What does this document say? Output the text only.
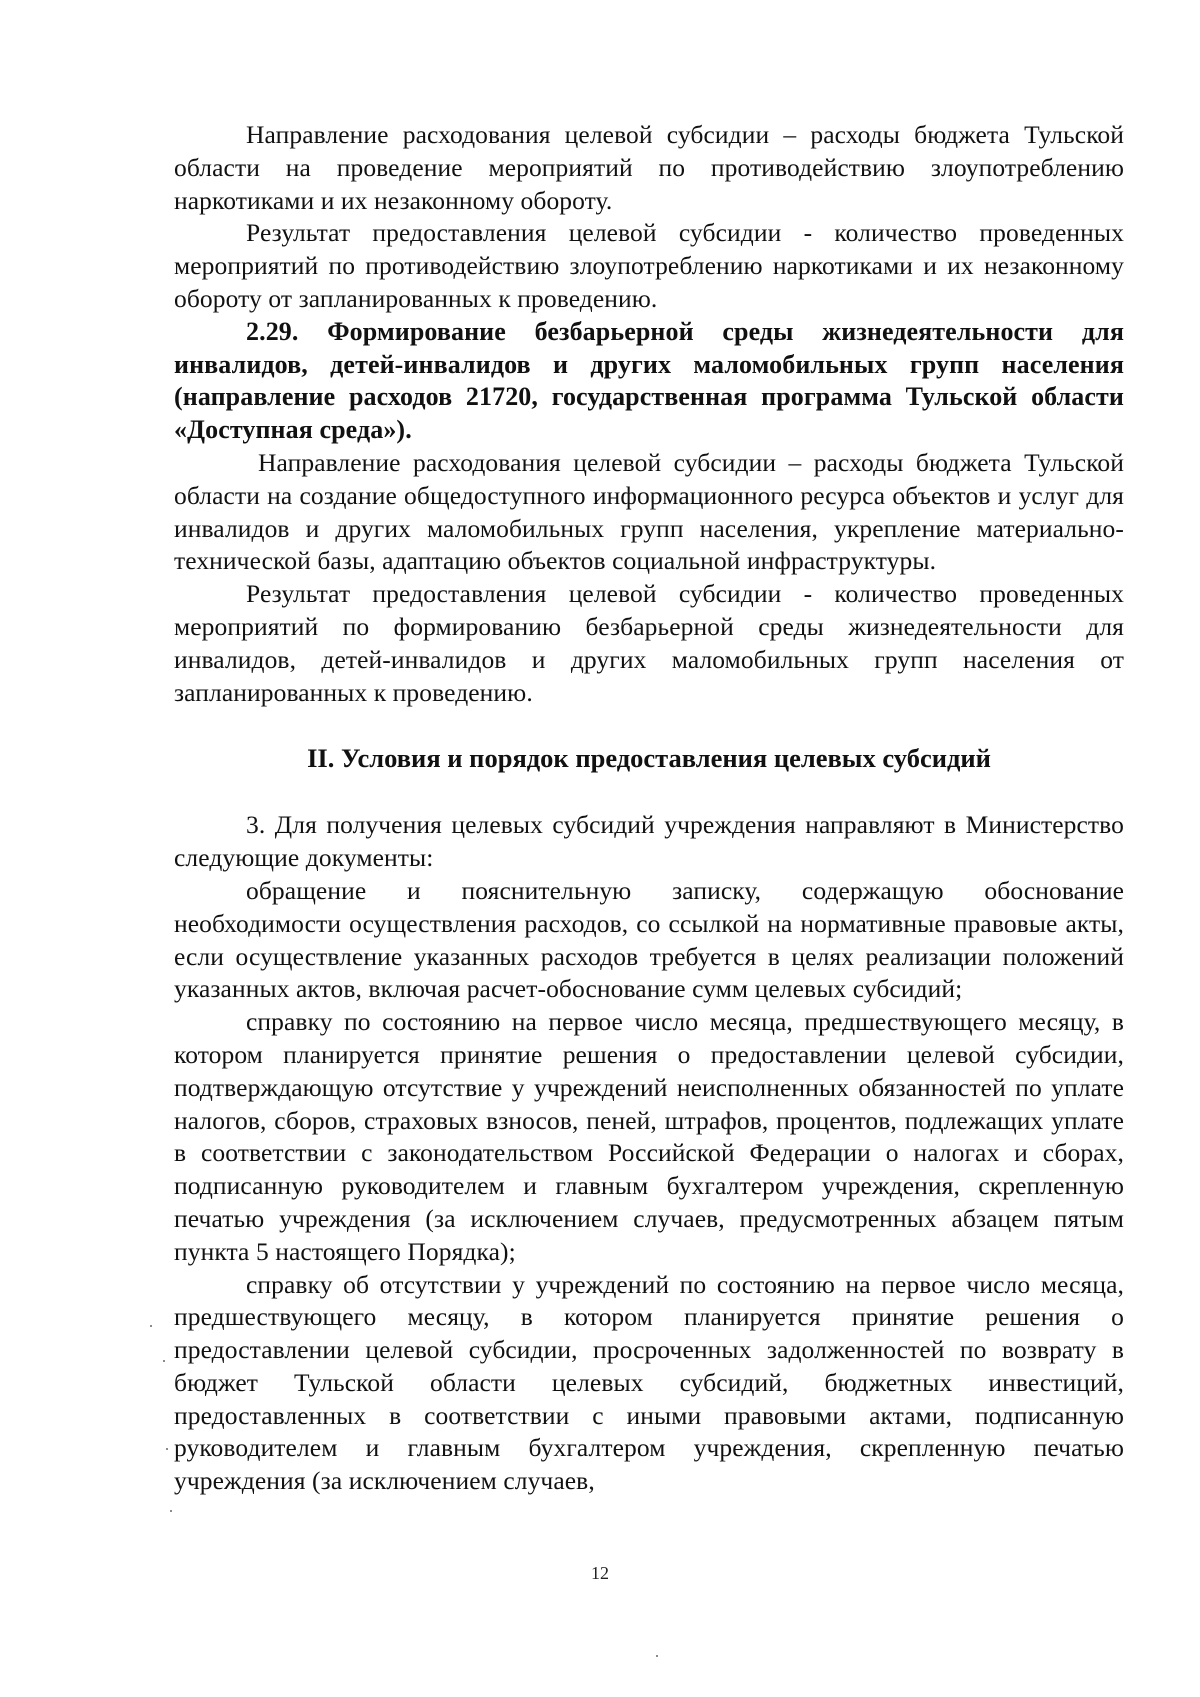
Направление расходования целевой субсидии – расходы бюджета Тульской области на проведение мероприятий по противодействию злоупотреблению наркотиками и их незаконному обороту.

Результат предоставления целевой субсидии - количество проведенных мероприятий по противодействию злоупотреблению наркотиками и их незаконному обороту от запланированных к проведению.

2.29. Формирование безбарьерной среды жизнедеятельности для инвалидов, детей-инвалидов и других маломобильных групп населения (направление расходов 21720, государственная программа Тульской области «Доступная среда»).

Направление расходования целевой субсидии – расходы бюджета Тульской области на создание общедоступного информационного ресурса объектов и услуг для инвалидов и других маломобильных групп населения, укрепление материально-технической базы, адаптацию объектов социальной инфраструктуры.

Результат предоставления целевой субсидии - количество проведенных мероприятий по формированию безбарьерной среды жизнедеятельности для инвалидов, детей-инвалидов и других маломобильных групп населения от запланированных к проведению.

II. Условия и порядок предоставления целевых субсидий

3. Для получения целевых субсидий учреждения направляют в Министерство следующие документы:

обращение и пояснительную записку, содержащую обоснование необходимости осуществления расходов, со ссылкой на нормативные правовые акты, если осуществление указанных расходов требуется в целях реализации положений указанных актов, включая расчет-обоснование сумм целевых субсидий;

справку по состоянию на первое число месяца, предшествующего месяцу, в котором планируется принятие решения о предоставлении целевой субсидии, подтверждающую отсутствие у учреждений неисполненных обязанностей по уплате налогов, сборов, страховых взносов, пеней, штрафов, процентов, подлежащих уплате в соответствии с законодательством Российской Федерации о налогах и сборах, подписанную руководителем и главным бухгалтером учреждения, скрепленную печатью учреждения (за исключением случаев, предусмотренных абзацем пятым пункта 5 настоящего Порядка);

справку об отсутствии у учреждений по состоянию на первое число месяца, предшествующего месяцу, в котором планируется принятие решения о предоставлении целевой субсидии, просроченных задолженностей по возврату в бюджет Тульской области целевых субсидий, бюджетных инвестиций, предоставленных в соответствии с иными правовыми актами, подписанную руководителем и главным бухгалтером учреждения, скрепленную печатью учреждения (за исключением случаев,

12
